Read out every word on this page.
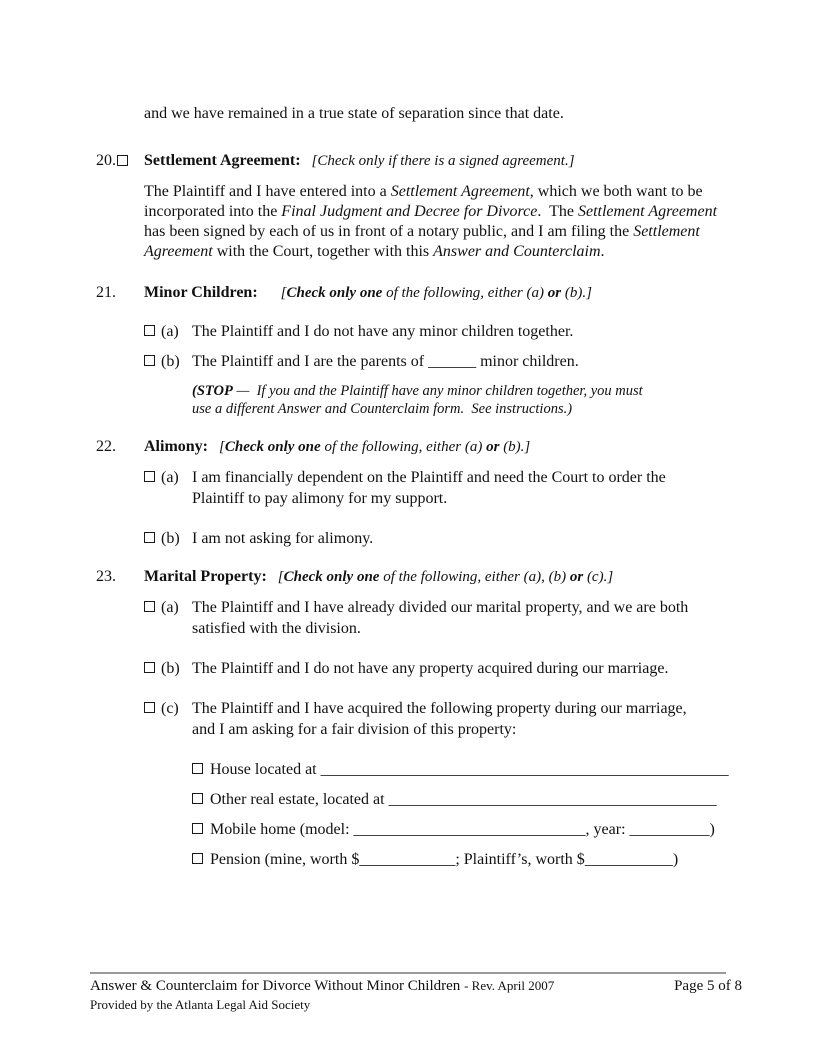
and we have remained in a true state of separation since that date.

20.	Settlement Agreement: [Check only if there is a signed agreement.]

The Plaintiff and I have entered into a Settlement Agreement, which we both want to be incorporated into the Final Judgment and Decree for Divorce.  The Settlement Agreement has been signed by each of us in front of a notary public, and I am filing the Settlement Agreement with the Court, together with this Answer and Counterclaim.

21.	Minor Children: [Check only one of the following, either (a) or (b).]
(a) The Plaintiff and I do not have any minor children together.
(b) The Plaintiff and I are the parents of ______ minor children.

(STOP —  If you and the Plaintiff have any minor children together, you must use a different Answer and Counterclaim form.  See instructions.)

22.	Alimony: [Check only one of the following, either (a) or (b).]
(a) I am financially dependent on the Plaintiff and need the Court to order the Plaintiff to pay alimony for my support.
(b) I am not asking for alimony.
23.	Marital Property: [Check only one of the following, either (a), (b) or (c).]
(a) The Plaintiff and I have already divided our marital property, and we are both satisfied with the division.
(b) The Plaintiff and I do not have any property acquired during our marriage.
(c) The Plaintiff and I have acquired the following property during our marriage, and I am asking for a fair division of this property:
House located at ___________________________________________________
Other real estate, located at _________________________________________
Mobile home (model: _____________________________, year: __________)
Pension (mine, worth $____________; Plaintiff’s, worth $___________)
Answer & Counterclaim for Divorce Without Minor Children - Rev. April 2007	Page 5 of 8
Provided by the Atlanta Legal Aid Society
